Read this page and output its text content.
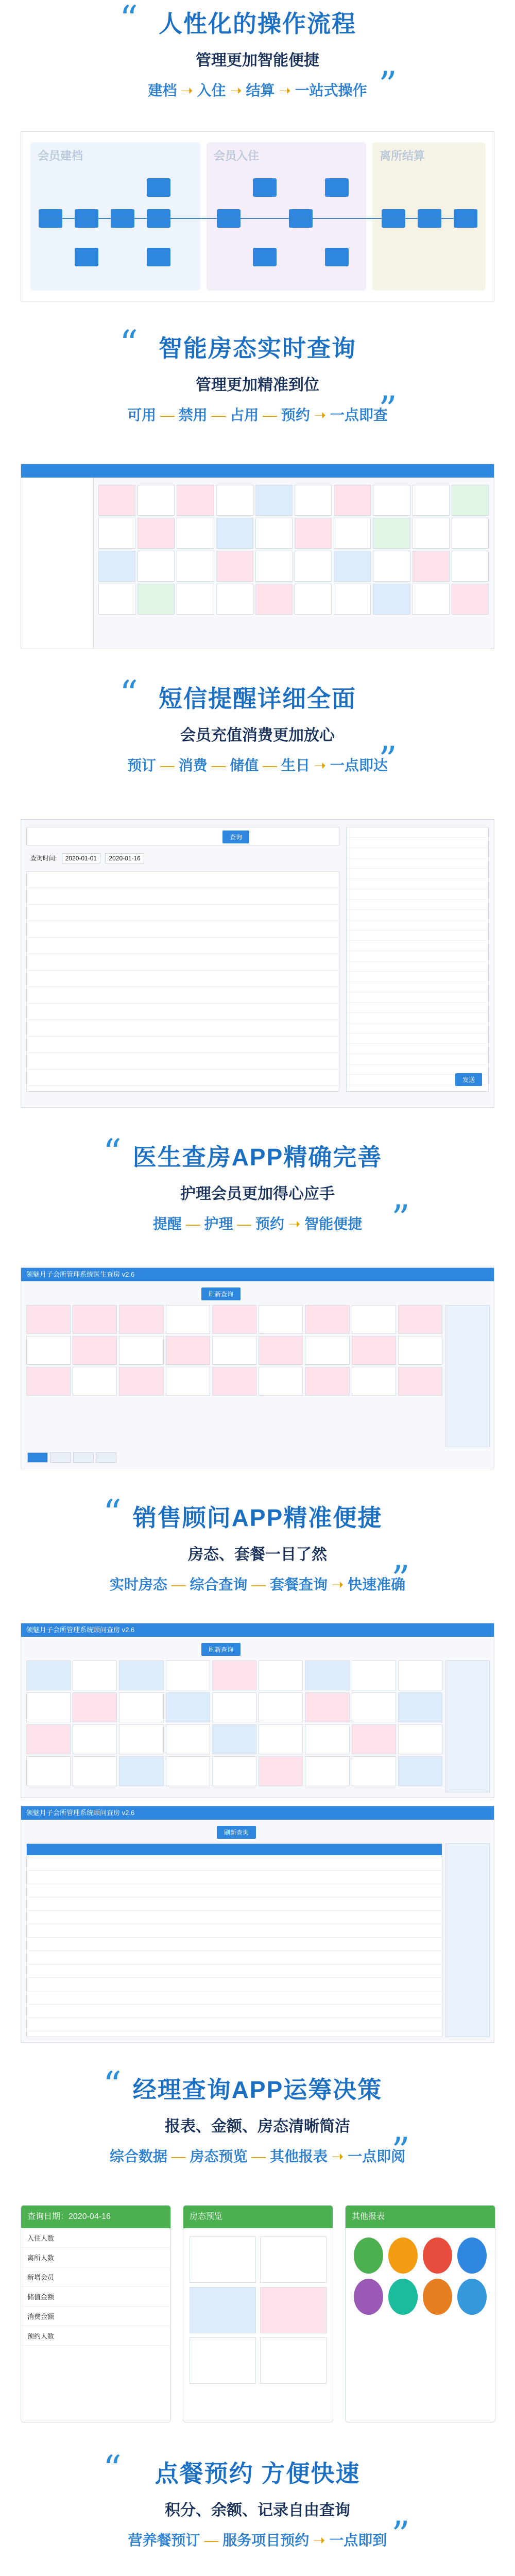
“ 人性化的操作流程
管理更加智能便捷
建档 ➝ 入住 ➝ 结算 ➝ 一站式操作 ”
会员建档	会员入住	离所结算
“ 智能房态实时查询
管理更加精准到位
可用 — 禁用 — 占用 — 预约 ➝ 一点即查
”
“ 短信提醒详细全面
会员充值消费更加放心
预订 — 消费 — 储值 — 生日 ➝ 一点即达
”
查询
查询时间: 2020-01-01 2020-01-16
发送
“ 医生查房APP精确完善
护理会员更加得心应手
提醒 — 护理 — 预约 ➝ 智能便捷 ”
领魅月子会所管理系统医生查房 v2.6
刷新查询

“ 销售顾问APP精准便捷
房态、套餐一目了然
实时房态 — 综合查询 — 套餐查询 ➝ 快速准确
”
领魅月子会所管理系统顾问查房 v2.6
刷新查询
领魅月子会所管理系统顾问查房 v2.6
刷新查询
“ 经理查询APP运筹决策
报表、金额、房态清晰简洁
综合数据 — 房态预览 — 其他报表 ➝ 一点即阅
”
查询日期：2020-04-16
入住人数
离所人数
新增会员
储值金额
消费金额
预约人数
房态预览	其他报表
“	点餐预约 方便快速
积分、余额、记录自由查询
营养餐预订 — 服务项目预约 ➝ 一点即到 ”
